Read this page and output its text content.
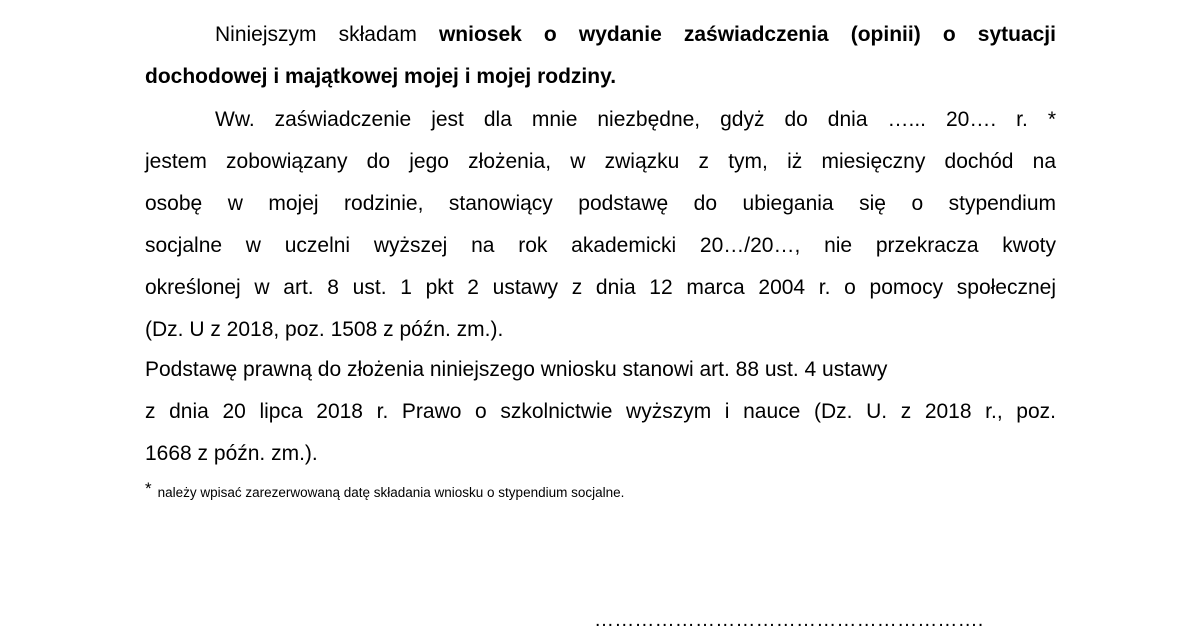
Niniejszym składam wniosek o wydanie zaświadczenia (opinii) o sytuacji
dochodowej i majątkowej mojej i mojej rodziny.
Ww. zaświadczenie jest dla mnie niezbędne, gdyż do dnia …... 20…. r. *
jestem zobowiązany do jego złożenia, w związku z tym, iż miesięczny dochód na
osobę w mojej rodzinie, stanowiący podstawę do ubiegania się o stypendium
socjalne w uczelni wyższej na rok akademicki 20…/20…, nie przekracza kwoty
określonej w art. 8 ust. 1 pkt 2 ustawy z dnia 12 marca 2004 r. o pomocy społecznej
(Dz. U z 2018, poz. 1508 z późn. zm.).
Podstawę prawną do złożenia niniejszego wniosku stanowi art. 88 ust. 4 ustawy
z dnia 20 lipca 2018 r. Prawo o szkolnictwie wyższym i nauce (Dz. U. z 2018 r., poz.
1668 z późn. zm.).
* należy wpisać zarezerwowaną datę składania wniosku o stypendium socjalne.
………………………………………………….
